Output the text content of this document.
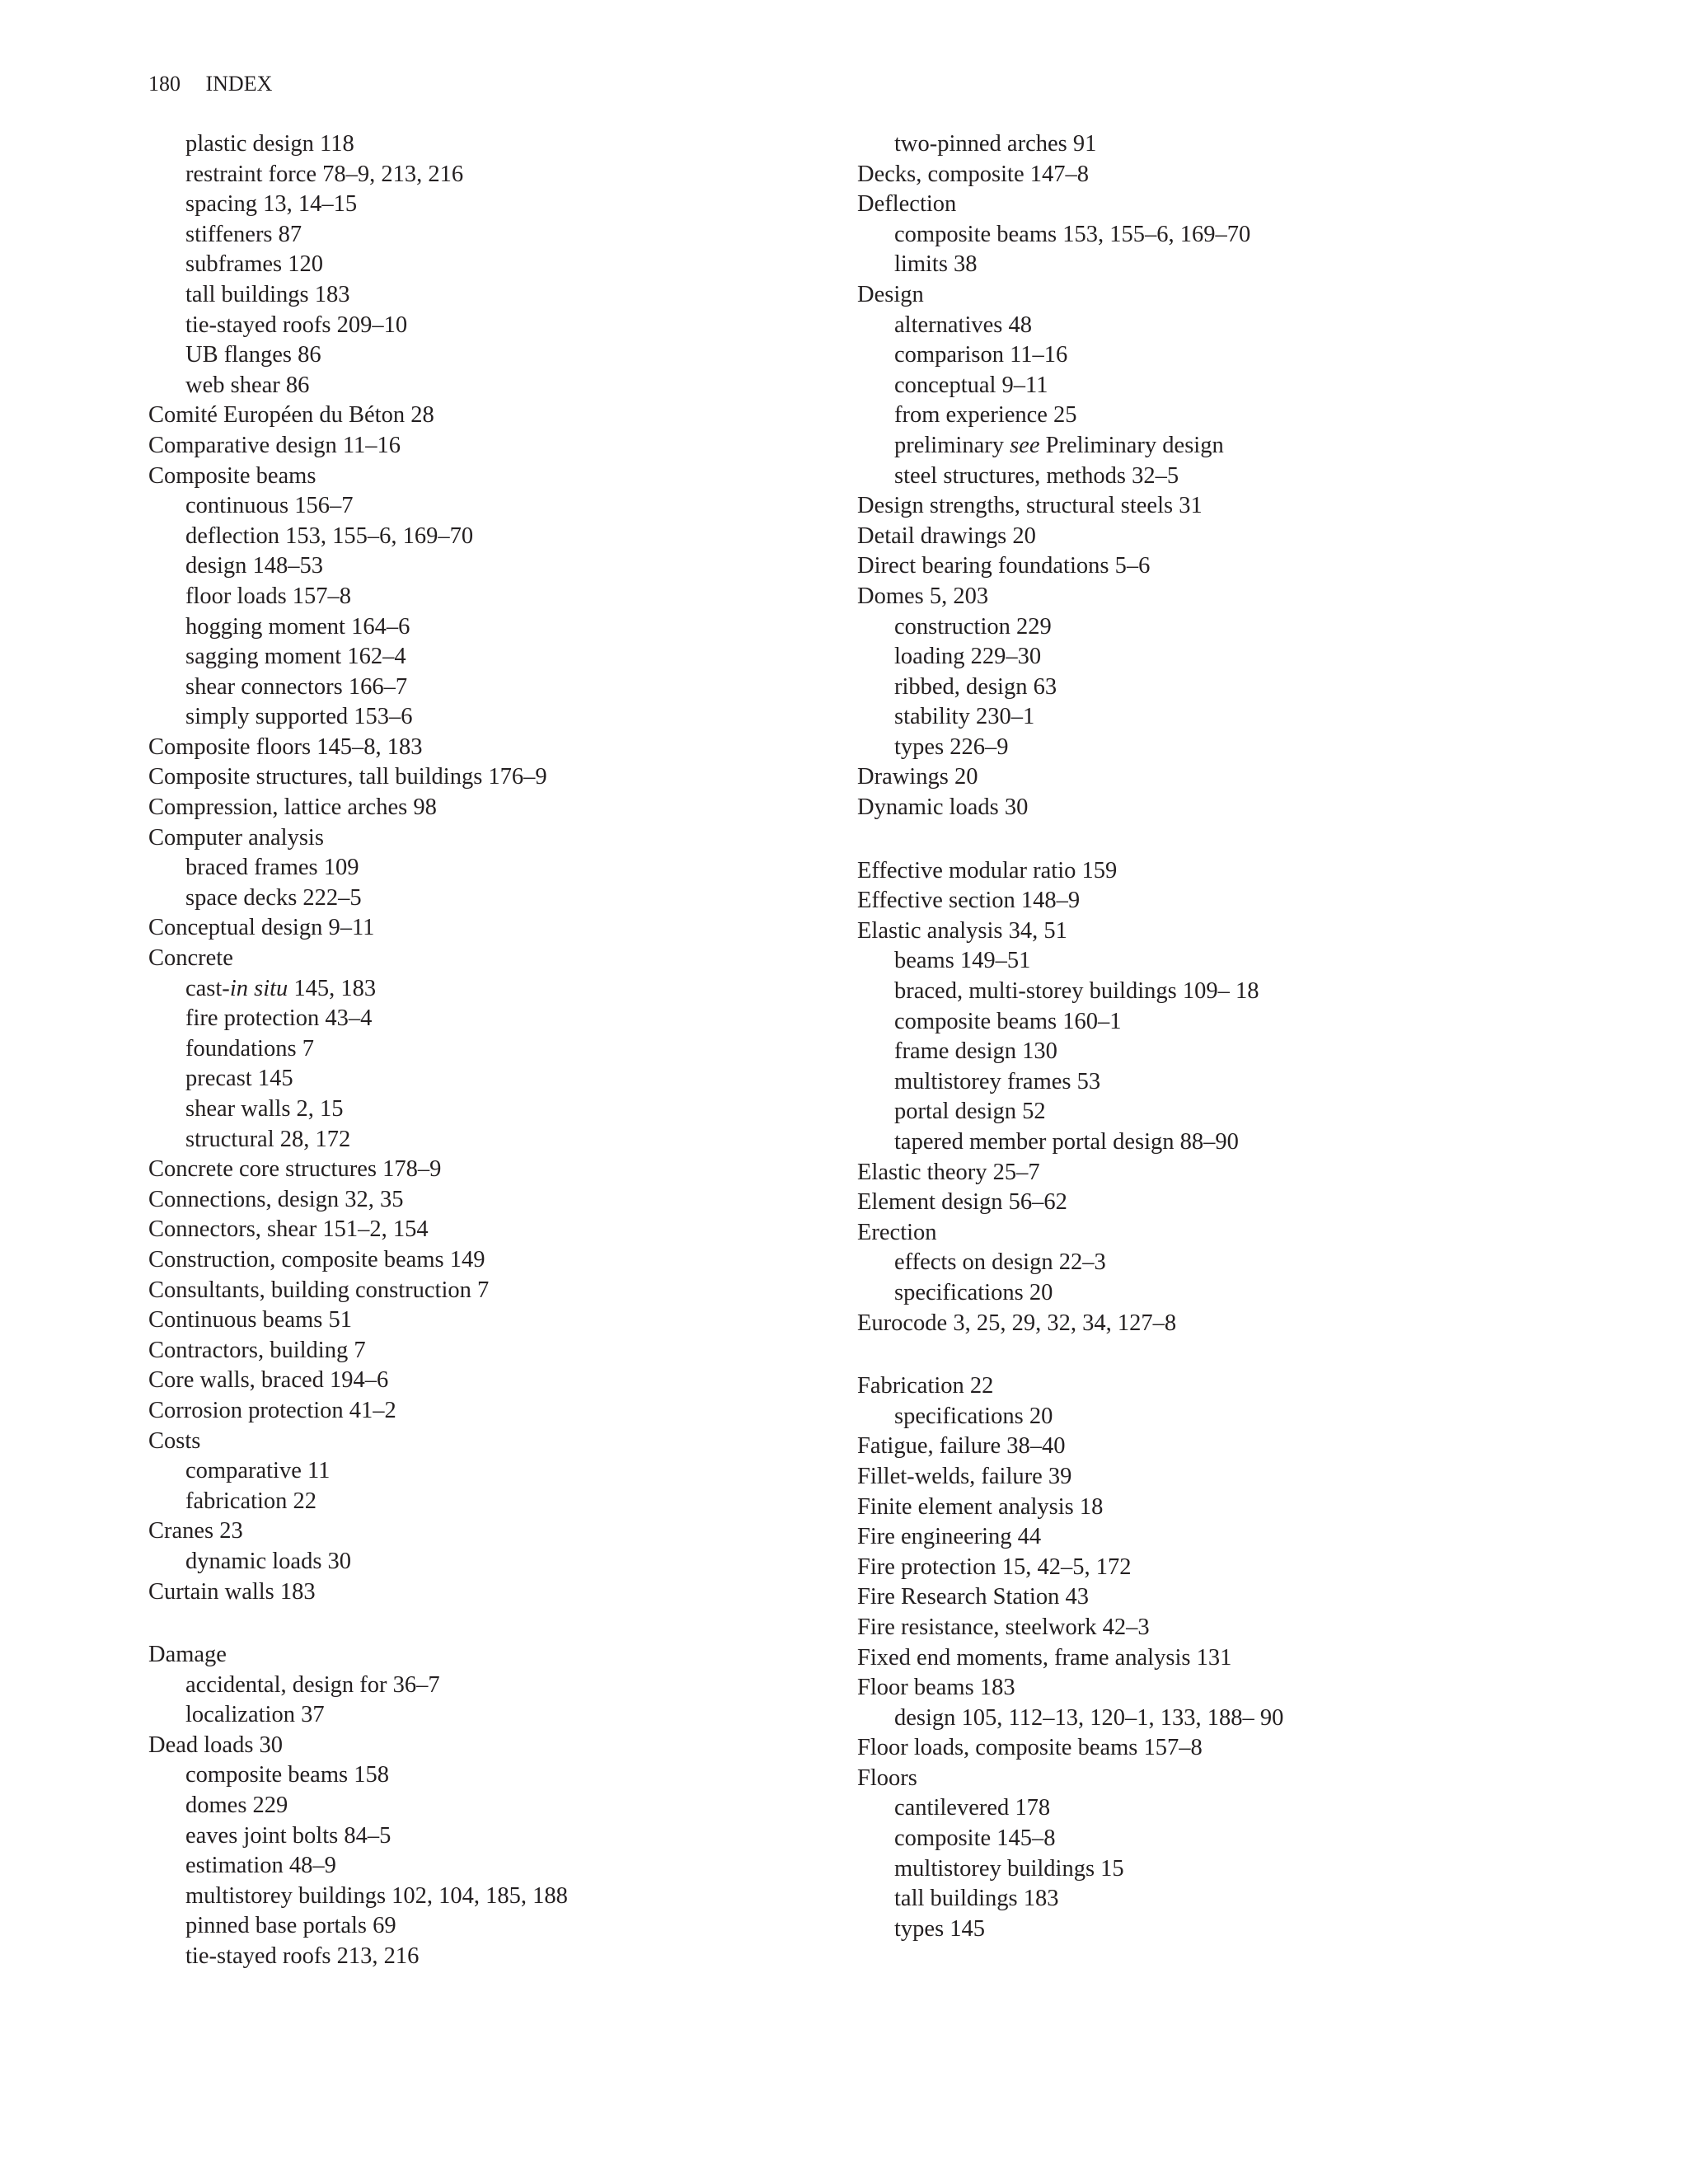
180 INDEX
plastic design 118
restraint force 78–9, 213, 216
spacing 13, 14–15
stiffeners 87
subframes 120
tall buildings 183
tie-stayed roofs 209–10
UB flanges 86
web shear 86
Comité Européen du Béton 28
Comparative design 11–16
Composite beams
continuous 156–7
deflection 153, 155–6, 169–70
design 148–53
floor loads 157–8
hogging moment 164–6
sagging moment 162–4
shear connectors 166–7
simply supported 153–6
Composite floors 145–8, 183
Composite structures, tall buildings 176–9
Compression, lattice arches 98
Computer analysis
braced frames 109
space decks 222–5
Conceptual design 9–11
Concrete
cast-in situ 145, 183
fire protection 43–4
foundations 7
precast 145
shear walls 2, 15
structural 28, 172
Concrete core structures 178–9
Connections, design 32, 35
Connectors, shear 151–2, 154
Construction, composite beams 149
Consultants, building construction 7
Continuous beams 51
Contractors, building 7
Core walls, braced 194–6
Corrosion protection 41–2
Costs
comparative 11
fabrication 22
Cranes 23
dynamic loads 30
Curtain walls 183
Damage
accidental, design for 36–7
localization 37
Dead loads 30
composite beams 158
domes 229
eaves joint bolts 84–5
estimation 48–9
multistorey buildings 102, 104, 185, 188
pinned base portals 69
tie-stayed roofs 213, 216
two-pinned arches 91
Decks, composite 147–8
Deflection
composite beams 153, 155–6, 169–70
limits 38
Design
alternatives 48
comparison 11–16
conceptual 9–11
from experience 25
preliminary see Preliminary design
steel structures, methods 32–5
Design strengths, structural steels 31
Detail drawings 20
Direct bearing foundations 5–6
Domes 5, 203
construction 229
loading 229–30
ribbed, design 63
stability 230–1
types 226–9
Drawings 20
Dynamic loads 30
Effective modular ratio 159
Effective section 148–9
Elastic analysis 34, 51
beams 149–51
braced, multi-storey buildings 109– 18
composite beams 160–1
frame design 130
multistorey frames 53
portal design 52
tapered member portal design 88–90
Elastic theory 25–7
Element design 56–62
Erection
effects on design 22–3
specifications 20
Eurocode 3, 25, 29, 32, 34, 127–8
Fabrication 22
specifications 20
Fatigue, failure 38–40
Fillet-welds, failure 39
Finite element analysis 18
Fire engineering 44
Fire protection 15, 42–5, 172
Fire Research Station 43
Fire resistance, steelwork 42–3
Fixed end moments, frame analysis 131
Floor beams 183
design 105, 112–13, 120–1, 133, 188– 90
Floor loads, composite beams 157–8
Floors
cantilevered 178
composite 145–8
multistorey buildings 15
tall buildings 183
types 145
